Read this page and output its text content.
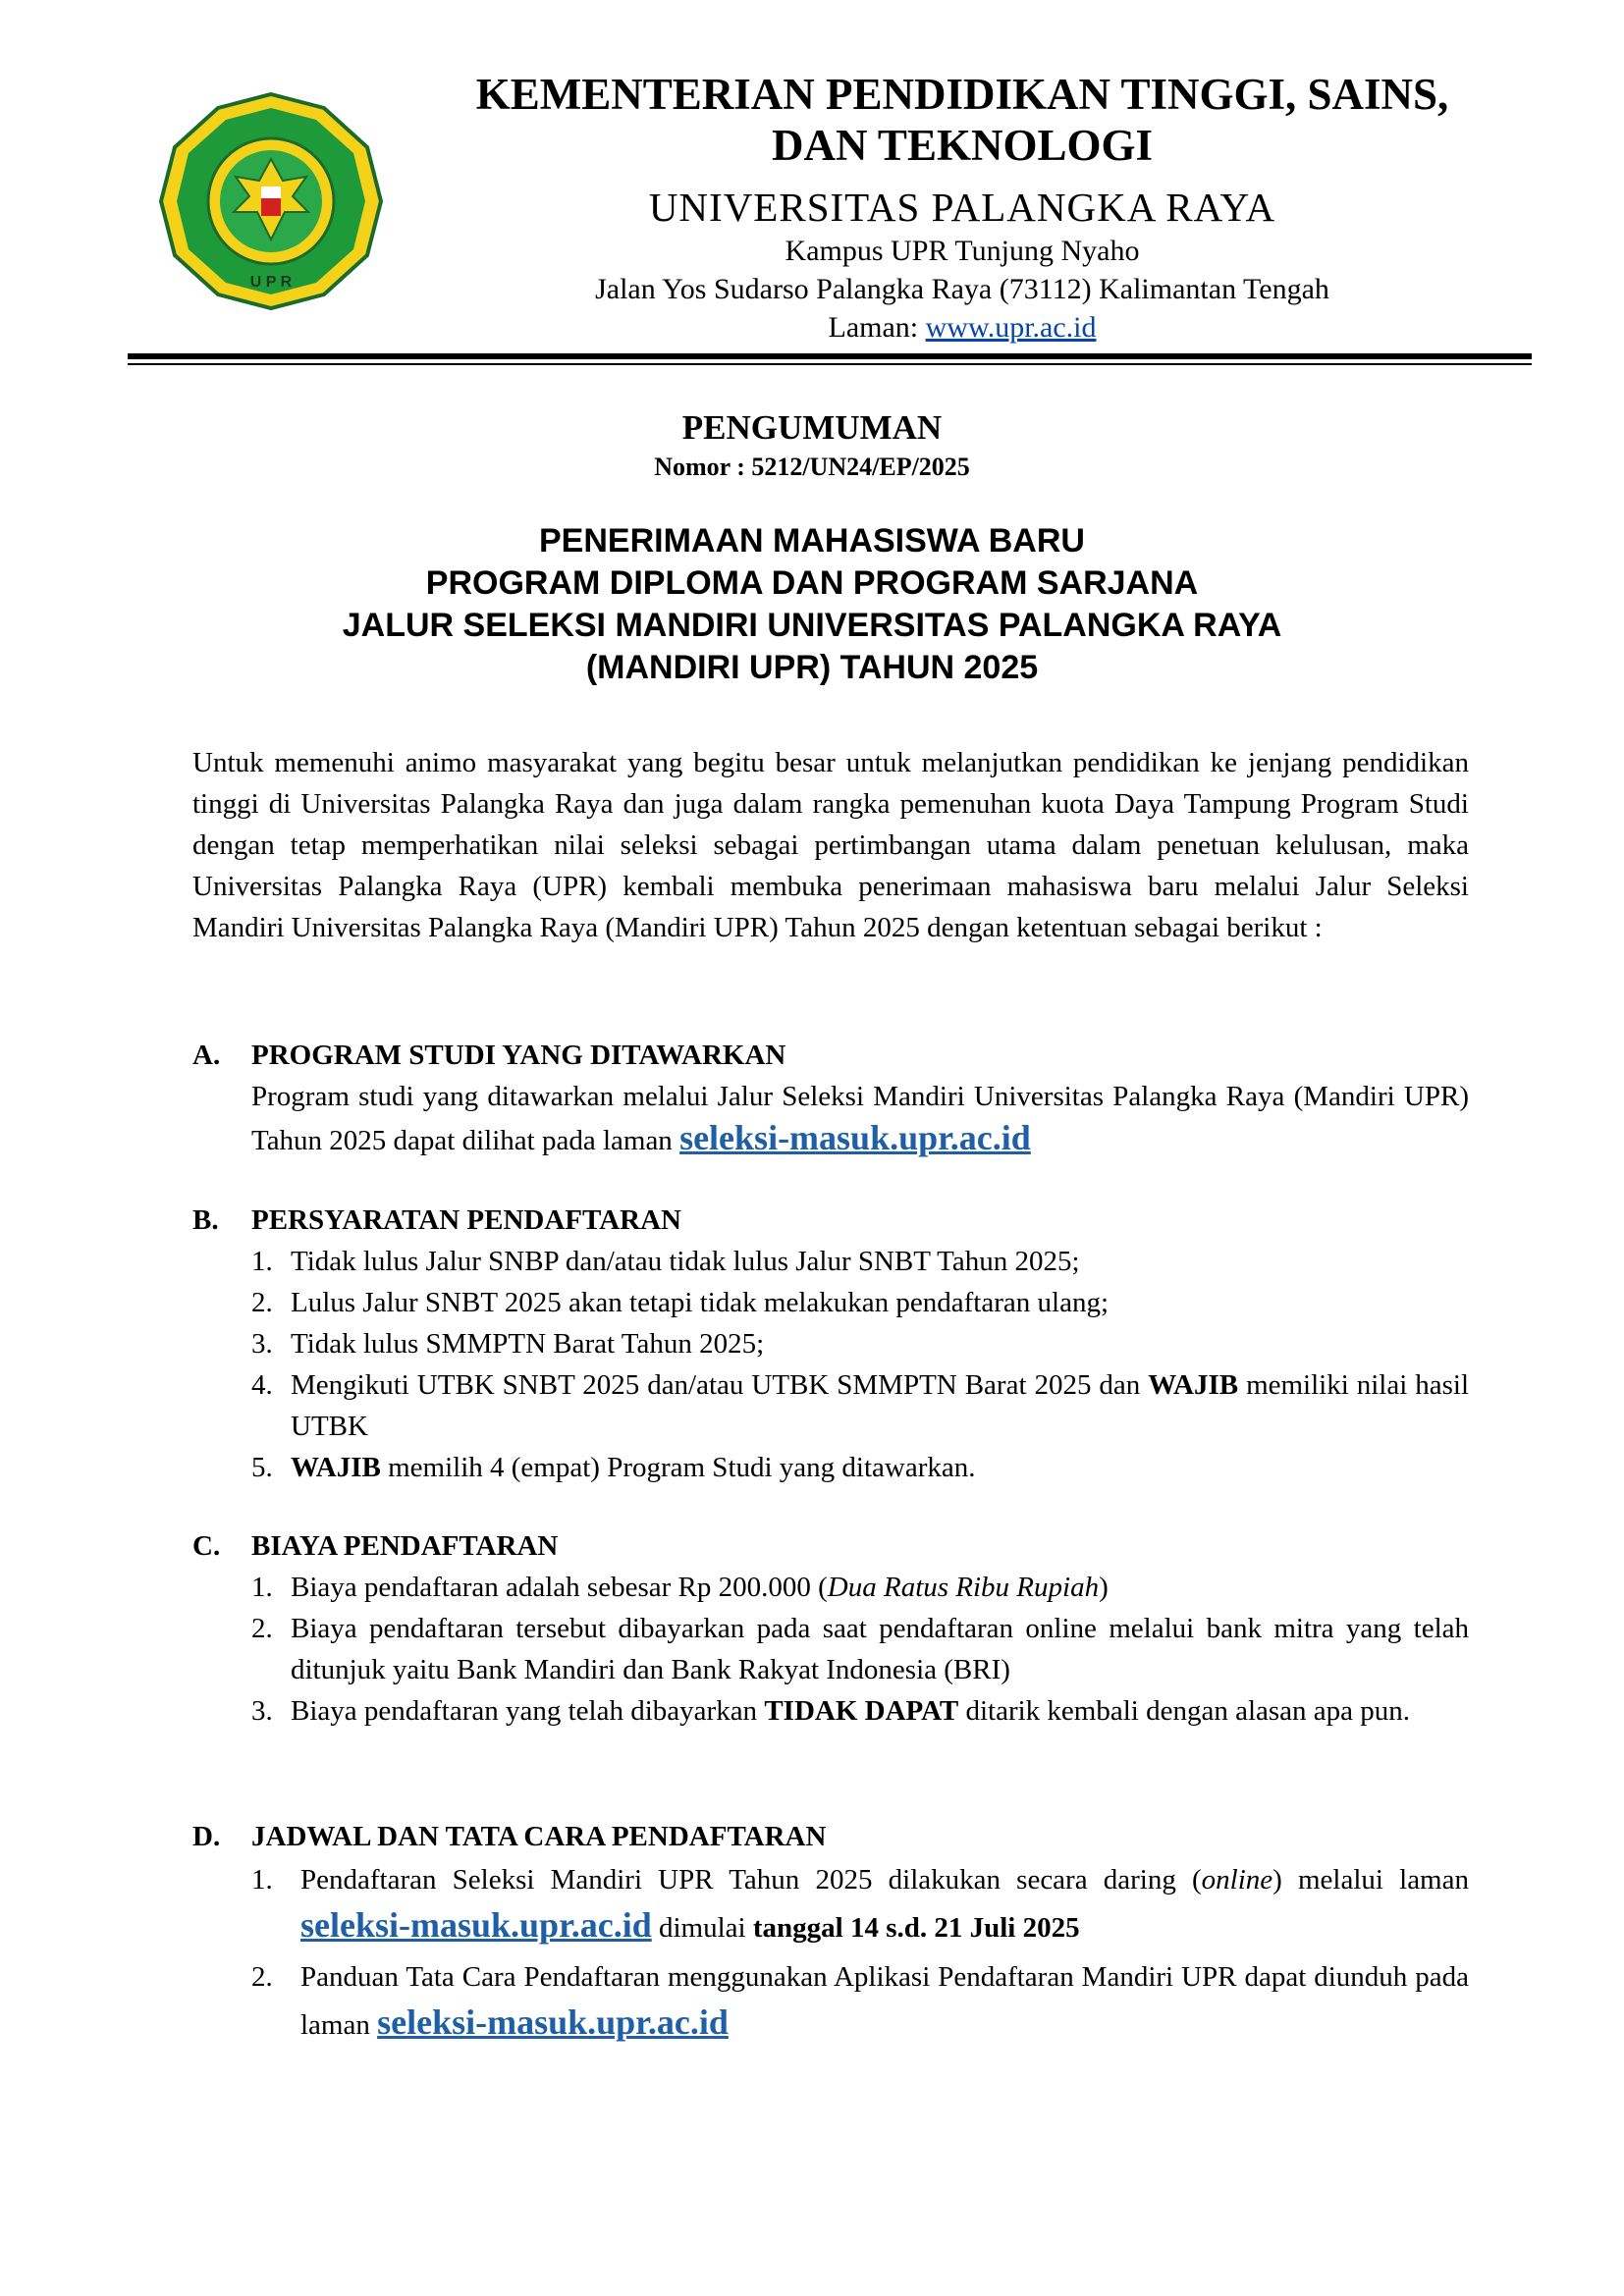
U P R
KEMENTERIAN PENDIDIKAN TINGGI, SAINS,
DAN TEKNOLOGI
UNIVERSITAS PALANGKA RAYA
Kampus UPR Tunjung Nyaho
Jalan Yos Sudarso Palangka Raya (73112) Kalimantan Tengah
Laman: www.upr.ac.id
PENGUMUMAN
Nomor : 5212/UN24/EP/2025
PENERIMAAN MAHASISWA BARU
PROGRAM DIPLOMA DAN PROGRAM SARJANA
JALUR SELEKSI MANDIRI UNIVERSITAS PALANGKA RAYA
(MANDIRI UPR) TAHUN 2025
Untuk memenuhi animo masyarakat yang begitu besar untuk melanjutkan pendidikan ke jenjang pendidikan tinggi di Universitas Palangka Raya dan juga dalam rangka pemenuhan kuota Daya Tampung Program Studi dengan tetap memperhatikan nilai seleksi sebagai pertimbangan utama dalam penetuan kelulusan, maka Universitas Palangka Raya (UPR) kembali membuka penerimaan mahasiswa baru melalui Jalur Seleksi Mandiri Universitas Palangka Raya (Mandiri UPR) Tahun 2025 dengan ketentuan sebagai berikut :
A.	PROGRAM STUDI YANG DITAWARKAN
Program studi yang ditawarkan melalui Jalur Seleksi Mandiri Universitas Palangka Raya (Mandiri UPR) Tahun 2025 dapat dilihat pada laman seleksi-masuk.upr.ac.id
B.	PERSYARATAN PENDAFTARAN
1. Tidak lulus Jalur SNBP dan/atau tidak lulus Jalur SNBT Tahun 2025;
2. Lulus Jalur SNBT 2025 akan tetapi tidak melakukan pendaftaran ulang;
3. Tidak lulus SMMPTN Barat Tahun 2025;
4. Mengikuti UTBK SNBT 2025 dan/atau UTBK SMMPTN Barat 2025 dan WAJIB memiliki nilai hasil UTBK
5. WAJIB memilih 4 (empat) Program Studi yang ditawarkan.
C.	BIAYA PENDAFTARAN
1. Biaya pendaftaran adalah sebesar Rp 200.000 (Dua Ratus Ribu Rupiah)
2. Biaya pendaftaran tersebut dibayarkan pada saat pendaftaran online melalui bank mitra yang telah ditunjuk yaitu Bank Mandiri dan Bank Rakyat Indonesia (BRI)
3. Biaya pendaftaran yang telah dibayarkan TIDAK DAPAT ditarik kembali dengan alasan apa pun.
D.	JADWAL DAN TATA CARA PENDAFTARAN
1. Pendaftaran Seleksi Mandiri UPR Tahun 2025 dilakukan secara daring (online) melalui laman seleksi-masuk.upr.ac.id dimulai tanggal 14 s.d. 21 Juli 2025
2. Panduan Tata Cara Pendaftaran menggunakan Aplikasi Pendaftaran Mandiri UPR dapat diunduh pada laman seleksi-masuk.upr.ac.id
